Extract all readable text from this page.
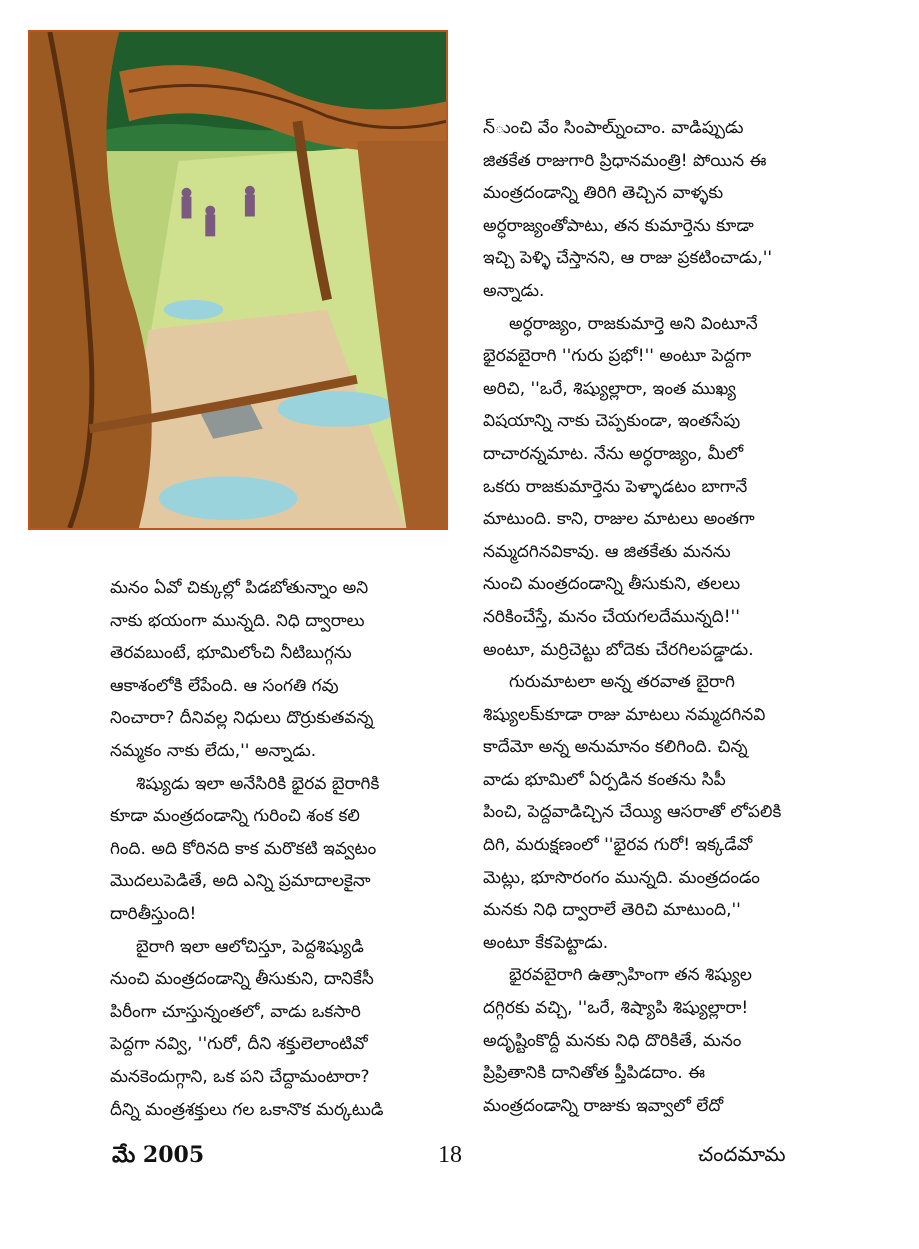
న్ుంచి వేం సింపాల్ను్ంచాం. వాడిప్పుడు

జితకేత రాజుగారి ప్రిధానమంత్రి! పోయిన ఈ

మంత్రదండాన్ని తిరిగి తెచ్చిన వాళ్ళకు

అర్ధరాజ్యంతోపాటు, తన కుమార్తెను కూడా

ఇచ్చి పెళ్ళి చేస్తానని, ఆ రాజు ప్రకటించాడు,''

అన్నాడు.

అర్ధరాజ్యం, రాజకుమార్తె అని వింటూనే

భైరవబైరాగి ''గురు ప్రభో!'' అంటూ పెద్దగా

అరిచి, ''ఒరే, శిష్యుల్లారా, ఇంత ముఖ్య

విషయాన్ని నాకు చెప్పకుండా, ఇంతసేపు

దాచారన్నమాట. నేను అర్ధరాజ్యం, మీలో

ఒకరు రాజకుమార్తెను పెళ్ళాడటం బాగానే

మాటుంది. కాని, రాజుల మాటలు అంతగా

నమ్మదగినవికావు. ఆ జితకేతు మనను

నుంచి మంత్రదండాన్ని తీసుకుని, తలలు

నరికించేస్తే, మనం చేయగలదేమున్నది!''

అంటూ, మర్రిచెట్టు బోదెకు చేరగిలపడ్డాడు.

గురుమాటలా అన్న తరవాత బైరాగి

శిష్యులకు్కూడా రాజు మాటలు నమ్మదగినవి

కాదేమో అన్న అనుమానం కలిగింది. చిన్న

వాడు భూమిలో ఏర్పడిన కంతను సిపీ

పించి, పెద్దవాడిచ్చిన చేయ్యి ఆసరాతో లోపలికి

దిగి, మరుక్షణంలో ''భైరవ గురో! ఇక్కడేవో

మెట్లు, భూసొరంగం మున్నది. మంత్రదండం

మనకు నిధి ద్వారాలే తెరిచి మాటుంది,''

అంటూ కేకపెట్టాడు.

భైరవబైరాగి ఉత్సాహింగా తన శిష్యుల

దగ్గిరకు వచ్చి, ''ఒరే, శిష్యాపి శిష్యుల్లారా!

అదృష్టింకొద్దీ మనకు నిధి దొరికితే, మనం

ప్రిప్రితానికి దానితోత ప్తీపిడదాం. ఈ

మంత్రదండాన్ని రాజుకు ఇవ్వాలో లేదో

మనం ఏవో చిక్కుల్లో పిడబోతున్నాం అని

నాకు భయంగా మున్నది. నిధి ద్వారాలు

తెరవబుంటే, భూమిలోంచి నీటిబుగ్గను

ఆకాశంలోకి లేపేంది. ఆ సంగతి గవు

నించారా? దీనివల్ల నిధులు దొర్రుకుతవన్న

నమ్మకం నాకు లేదు,'' అన్నాడు.

శిష్యుడు ఇలా అనేసిరికి భైరవ బైరాగికి

కూడా మంత్రదండాన్ని గురించి శంక కలి

గింది. అది కోరినది కాక మరొకటి ఇవ్వటం

మొదలుపెడితే, అది ఎన్ని ప్రమాదాలకైనా

దారితీస్తుంది!

బైరాగి ఇలా ఆలోచిస్తూ, పెద్దశిష్యుడి

నుంచి మంత్రదండాన్ని తీసుకుని, దానికేసీ

పిరీంగా చూస్తున్నంతలో, వాడు ఒకసారి

పెద్దగా నవ్వి, ''గురో, దీని శక్తులెలాంటివో

మనకెందుగ్గాని, ఒక పని చేద్దామంటారా?

దీన్ని మంత్రశక్తులు గల ఒకానొక మర్కటుడి

మే 2005	18	చందమామ
